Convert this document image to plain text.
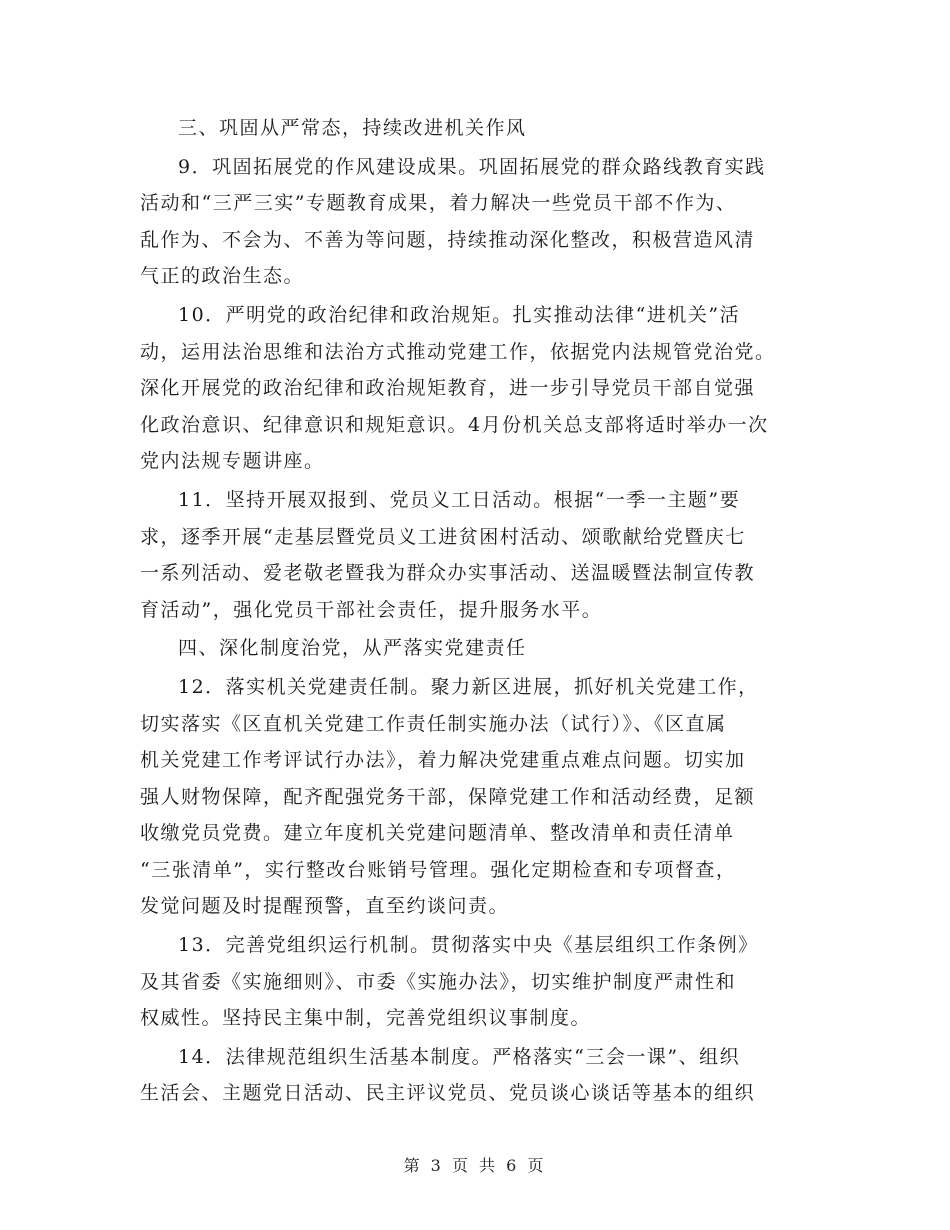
三、巩固从严常态，持续改进机关作风
9．巩固拓展党的作风建设成果。巩固拓展党的群众路线教育实践
活动和“三严三实”专题教育成果，着力解决一些党员干部不作为、
乱作为、不会为、不善为等问题，持续推动深化整改，积极营造风清
气正的政治生态。
10．严明党的政治纪律和政治规矩。扎实推动法律“进机关”活
动，运用法治思维和法治方式推动党建工作，依据党内法规管党治党。
深化开展党的政治纪律和政治规矩教育，进一步引导党员干部自觉强
化政治意识、纪律意识和规矩意识。4月份机关总支部将适时举办一次
党内法规专题讲座。
11．坚持开展双报到、党员义工日活动。根据“一季一主题”要
求，逐季开展“走基层暨党员义工进贫困村活动、颂歌献给党暨庆七
一系列活动、爱老敬老暨我为群众办实事活动、送温暖暨法制宣传教
育活动”，强化党员干部社会责任，提升服务水平。
四、深化制度治党，从严落实党建责任
12．落实机关党建责任制。聚力新区进展，抓好机关党建工作，
切实落实《区直机关党建工作责任制实施办法（试行）》、《区直属
机关党建工作考评试行办法》，着力解决党建重点难点问题。切实加
强人财物保障，配齐配强党务干部，保障党建工作和活动经费，足额
收缴党员党费。建立年度机关党建问题清单、整改清单和责任清单
“三张清单”，实行整改台账销号管理。强化定期检查和专项督查，
发觉问题及时提醒预警，直至约谈问责。
13．完善党组织运行机制。贯彻落实中央《基层组织工作条例》
及其省委《实施细则》、市委《实施办法》，切实维护制度严肃性和
权威性。坚持民主集中制，完善党组织议事制度。
14．法律规范组织生活基本制度。严格落实“三会一课”、组织
生活会、主题党日活动、民主评议党员、党员谈心谈话等基本的组织
第 3 页 共 6 页
